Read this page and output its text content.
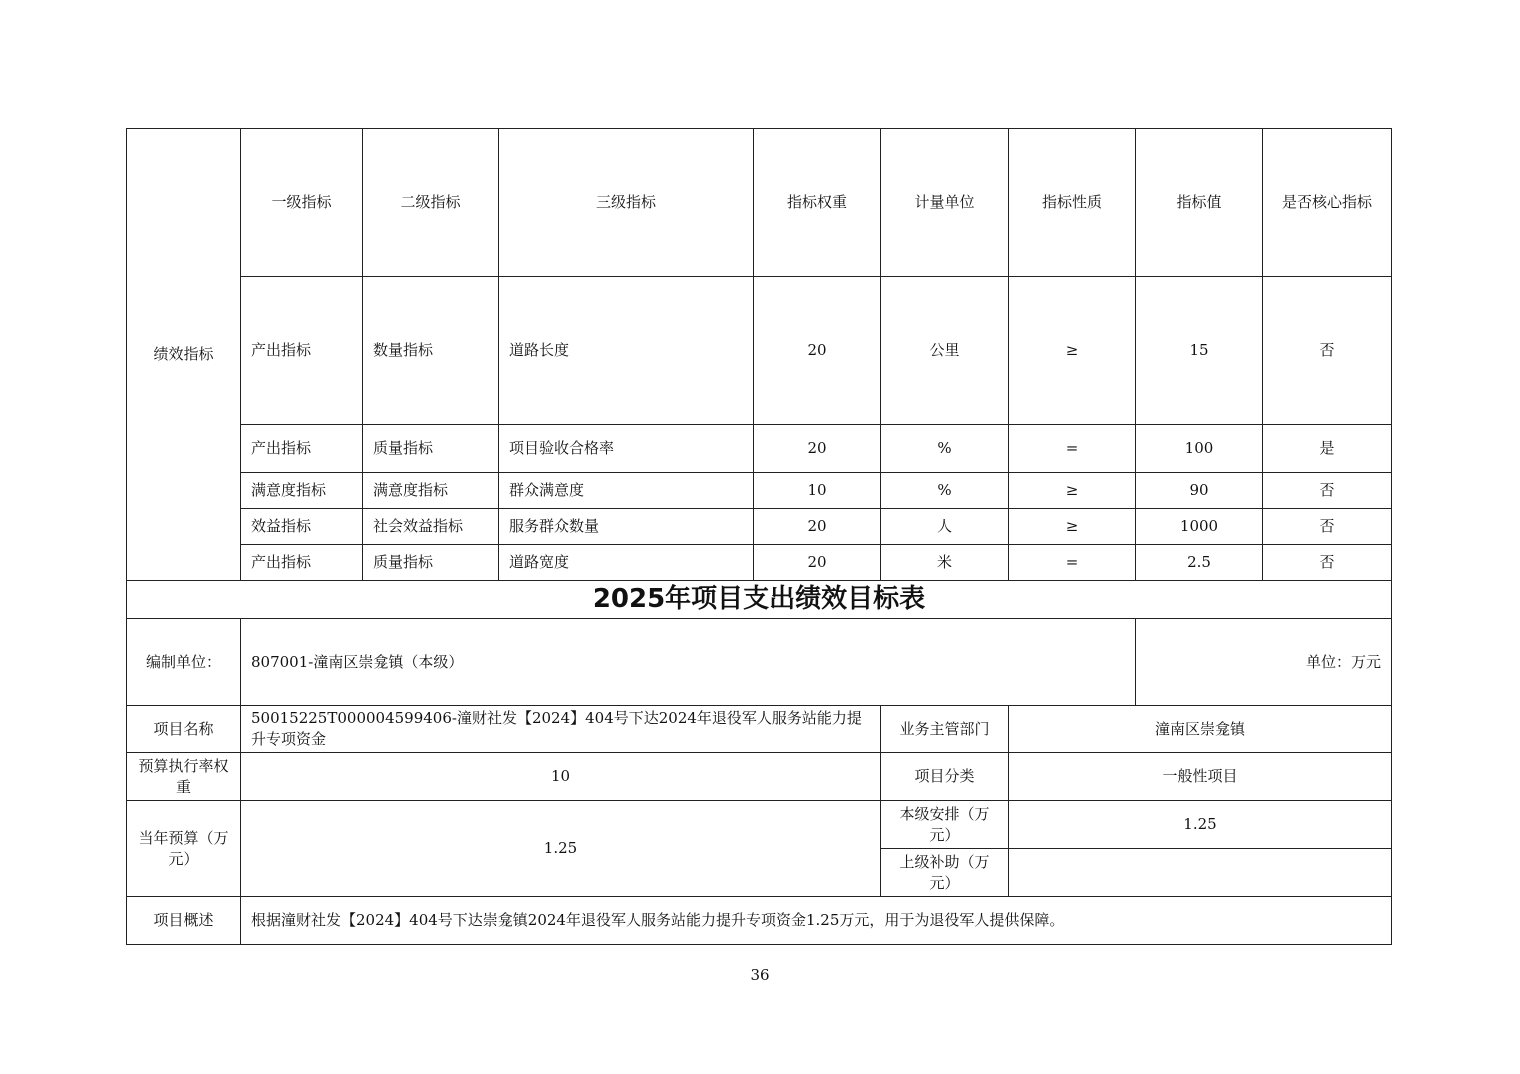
绩效指标	一级指标	二级指标	三级指标	指标权重	计量单位	指标性质	指标值	是否核心指标
	产出指标	数量指标	道路长度	20	公里	≥	15	否
	产出指标	质量指标	项目验收合格率	20	%	=	100	是
	满意度指标	满意度指标	群众满意度	10	%	≥	90	否
	效益指标	社会效益指标	服务群众数量	20	人	≥	1000	否
	产出指标	质量指标	道路宽度	20	米	=	2.5	否
2025年项目支出绩效目标表								
编制单位：	807001-潼南区崇龛镇（本级）						单位：万元	
项目名称	50015225T000004599406-潼财社发【2024】404号下达2024年退役军人服务站能力提升专项资金				业务主管部门	潼南区崇龛镇		
预算执行率权重	10				项目分类	一般性项目		
当年预算（万元）	1.25				本级安排（万元）	1.25		
					上级补助（万元）			
项目概述	根据潼财社发【2024】404号下达崇龛镇2024年退役军人服务站能力提升专项资金1.25万元，用于为退役军人提供保障。							
36
